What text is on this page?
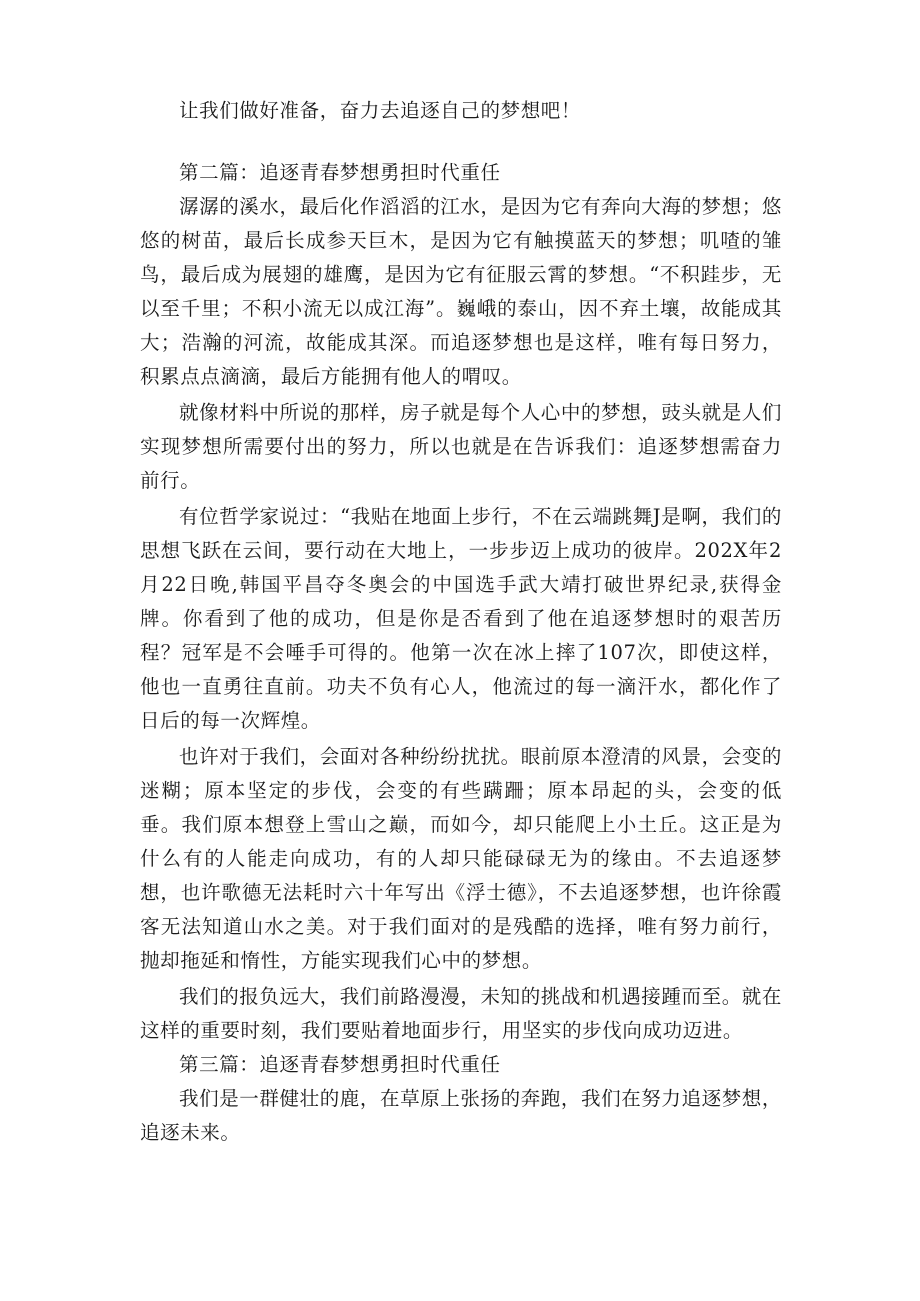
让我们做好准备，奋力去追逐自己的梦想吧！

第二篇：追逐青春梦想勇担时代重任

潺潺的溪水，最后化作滔滔的江水，是因为它有奔向大海的梦想；悠悠的树苗，最后长成参天巨木，是因为它有触摸蓝天的梦想；叽喳的雏鸟，最后成为展翅的雄鹰，是因为它有征服云霄的梦想。“不积跬步，无以至千里；不积小流无以成江海”。巍峨的泰山，因不弃土壤，故能成其大；浩瀚的河流，故能成其深。而追逐梦想也是这样，唯有每日努力，积累点点滴滴，最后方能拥有他人的喟叹。

就像材料中所说的那样，房子就是每个人心中的梦想，豉头就是人们实现梦想所需要付出的努力，所以也就是在告诉我们：追逐梦想需奋力前行。

有位哲学家说过：“我贴在地面上步行，不在云端跳舞J是啊，我们的思想飞跃在云间，要行动在大地上，一步步迈上成功的彼岸。202X年2月22日晚,韩国平昌夺冬奥会的中国选手武大靖打破世界纪录,获得金牌。你看到了他的成功，但是你是否看到了他在追逐梦想时的艰苦历程？冠军是不会唾手可得的。他第一次在冰上摔了107次，即使这样，他也一直勇往直前。功夫不负有心人，他流过的每一滴汗水，都化作了日后的每一次辉煌。

也许对于我们，会面对各种纷纷扰扰。眼前原本澄清的风景，会变的迷糊；原本坚定的步伐，会变的有些蹒跚；原本昂起的头，会变的低垂。我们原本想登上雪山之巅，而如今，却只能爬上小土丘。这正是为什么有的人能走向成功，有的人却只能碌碌无为的缘由。不去追逐梦想，也许歌德无法耗时六十年写出《浮士德》，不去追逐梦想，也许徐霞客无法知道山水之美。对于我们面对的是残酷的选择，唯有努力前行，抛却拖延和惰性，方能实现我们心中的梦想。

我们的报负远大，我们前路漫漫，未知的挑战和机遇接踵而至。就在这样的重要时刻，我们要贴着地面步行，用坚实的步伐向成功迈进。

第三篇：追逐青春梦想勇担时代重任

我们是一群健壮的鹿，在草原上张扬的奔跑，我们在努力追逐梦想，追逐未来。
